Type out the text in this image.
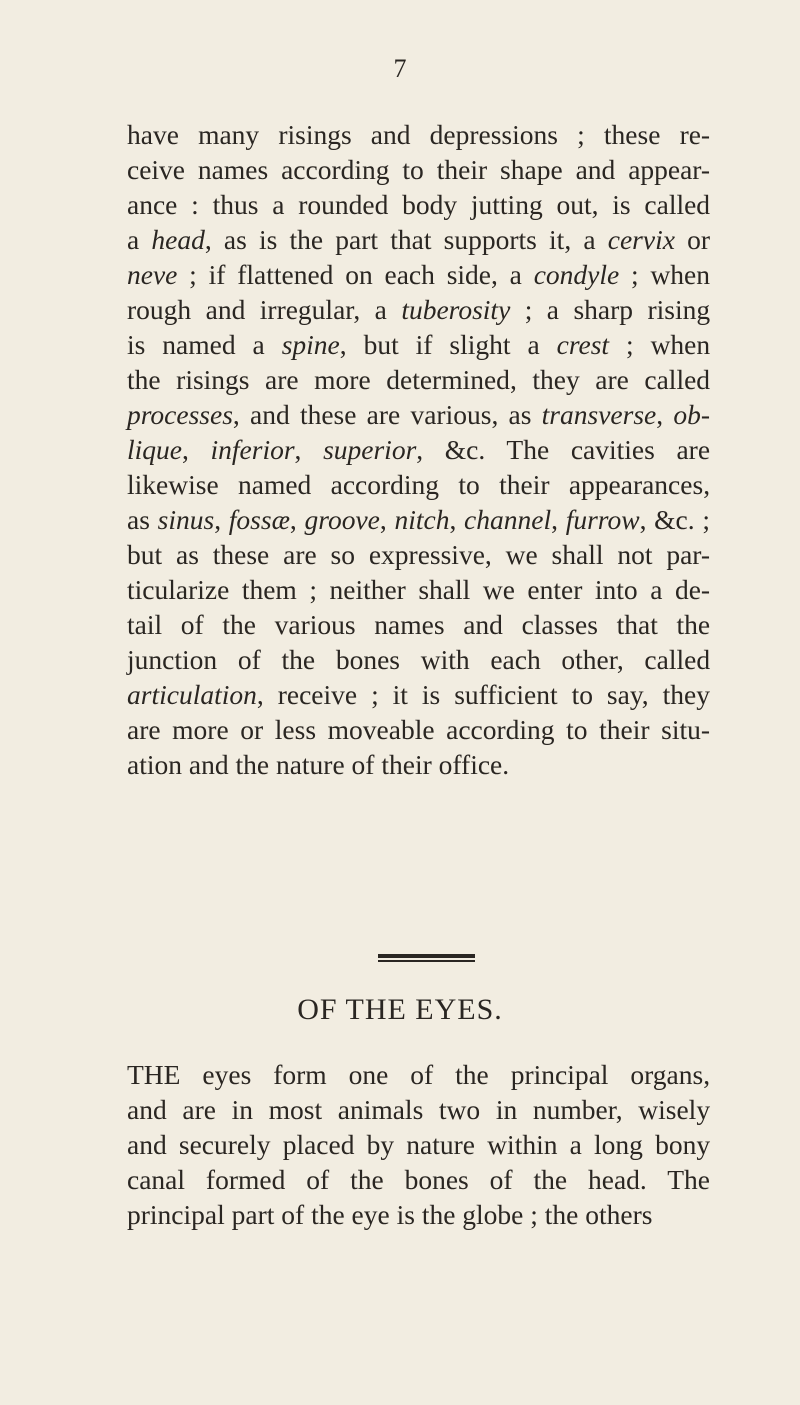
7
have many risings and depressions ; these re-
ceive names according to their shape and appear-
ance : thus a rounded body jutting out, is called
a head, as is the part that supports it, a cervix or
neve ; if flattened on each side, a condyle ; when
rough and irregular, a tuberosity ; a sharp rising
is named a spine, but if slight a crest ; when
the risings are more determined, they are called
processes, and these are various, as transverse, ob-
lique, inferior, superior, &c. The cavities are
likewise named according to their appearances,
as sinus, fossæ, groove, nitch, channel, furrow, &c. ;
but as these are so expressive, we shall not par-
ticularize them ; neither shall we enter into a de-
tail of the various names and classes that the
junction of the bones with each other, called
articulation, receive ; it is sufficient to say, they
are more or less moveable according to their situ-
ation and the nature of their office.
OF THE EYES.
THE eyes form one of the principal organs,
and are in most animals two in number, wisely
and securely placed by nature within a long bony
canal formed of the bones of the head. The
principal part of the eye is the globe ; the others
